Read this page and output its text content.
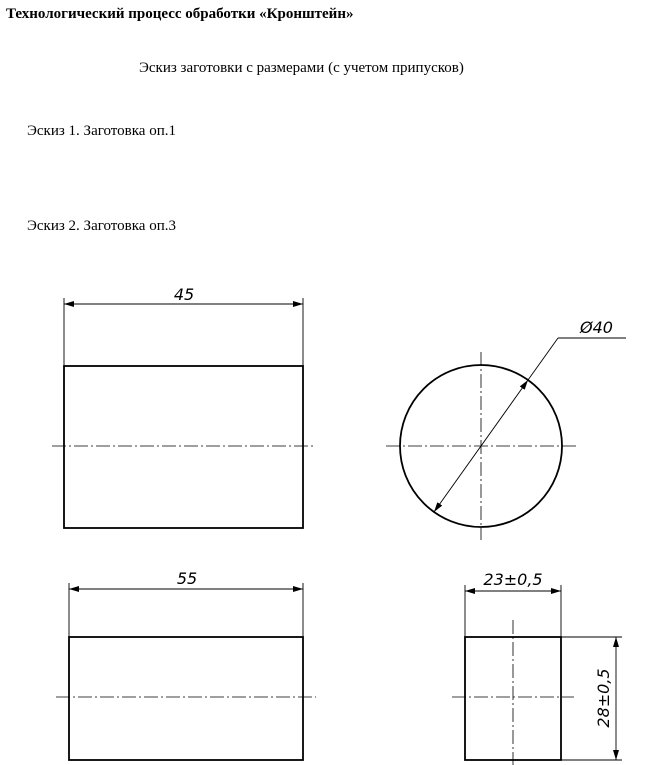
Технологический процесс обработки «Кронштейн»
Эскиз заготовки с размерами (с учетом припусков)
Эскиз 1. Заготовка оп.1
Эскиз 2. Заготовка оп.3
45
Ø40
55	23±0,5
28±0,5
